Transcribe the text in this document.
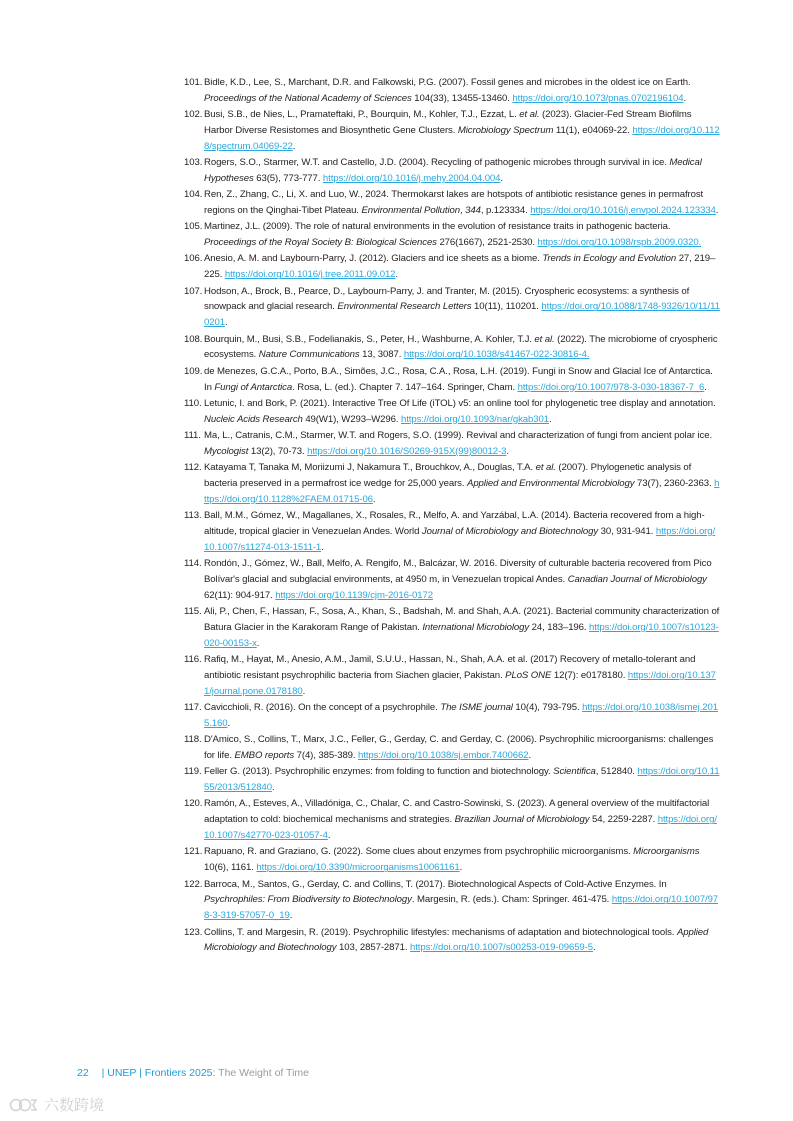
101. Bidle, K.D., Lee, S., Marchant, D.R. and Falkowski, P.G. (2007). Fossil genes and microbes in the oldest ice on Earth. Proceedings of the National Academy of Sciences 104(33), 13455-13460. https://doi.org/10.1073/pnas.0702196104.
102. Busi, S.B., de Nies, L., Pramateftaki, P., Bourquin, M., Kohler, T.J., Ezzat, L. et al. (2023). Glacier-Fed Stream Biofilms Harbor Diverse Resistomes and Biosynthetic Gene Clusters. Microbiology Spectrum 11(1), e04069-22. https://doi.org/10.1128/spectrum.04069-22.
103. Rogers, S.O., Starmer, W.T. and Castello, J.D. (2004). Recycling of pathogenic microbes through survival in ice. Medical Hypotheses 63(5), 773-777. https://doi.org/10.1016/j.mehy.2004.04.004.
104. Ren, Z., Zhang, C., Li, X. and Luo, W., 2024. Thermokarst lakes are hotspots of antibiotic resistance genes in permafrost regions on the Qinghai-Tibet Plateau. Environmental Pollution, 344, p.123334. https://doi.org/10.1016/j.envpol.2024.123334.
105. Martinez, J.L. (2009). The role of natural environments in the evolution of resistance traits in pathogenic bacteria. Proceedings of the Royal Society B: Biological Sciences 276(1667), 2521-2530. https://doi.org/10.1098/rspb.2009.0320.
106. Anesio, A. M. and Laybourn-Parry, J. (2012). Glaciers and ice sheets as a biome. Trends in Ecology and Evolution 27, 219–225. https://doi.org/10.1016/j.tree.2011.09.012.
107. Hodson, A., Brock, B., Pearce, D., Laybourn-Parry, J. and Tranter, M. (2015). Cryospheric ecosystems: a synthesis of snowpack and glacial research. Environmental Research Letters 10(11), 110201. https://doi.org/10.1088/1748-9326/10/11/110201.
108. Bourquin, M., Busi, S.B., Fodelianakis, S., Peter, H., Washburne, A. Kohler, T.J. et al. (2022). The microbiome of cryospheric ecosystems. Nature Communications 13, 3087. https://doi.org/10.1038/s41467-022-30816-4.
109. de Menezes, G.C.A., Porto, B.A., Simões, J.C., Rosa, C.A., Rosa, L.H. (2019). Fungi in Snow and Glacial Ice of Antarctica. In Fungi of Antarctica. Rosa, L. (ed.). Chapter 7. 147–164. Springer, Cham. https://doi.org/10.1007/978-3-030-18367-7_6.
110. Letunic, I. and Bork, P. (2021). Interactive Tree Of Life (iTOL) v5: an online tool for phylogenetic tree display and annotation. Nucleic Acids Research 49(W1), W293–W296. https://doi.org/10.1093/nar/gkab301.
111. Ma, L., Catranis, C.M., Starmer, W.T. and Rogers, S.O. (1999). Revival and characterization of fungi from ancient polar ice. Mycologist 13(2), 70-73. https://doi.org/10.1016/S0269-915X(99)80012-3.
112. Katayama T, Tanaka M, Moriizumi J, Nakamura T., Brouchkov, A., Douglas, T.A. et al. (2007). Phylogenetic analysis of bacteria preserved in a permafrost ice wedge for 25,000 years. Applied and Environmental Microbiology 73(7), 2360-2363. https://doi.org/10.1128%2FAEM.01715-06.
113. Ball, M.M., Gómez, W., Magallanes, X., Rosales, R., Melfo, A. and Yarzábal, L.A. (2014). Bacteria recovered from a high-altitude, tropical glacier in Venezuelan Andes. World Journal of Microbiology and Biotechnology 30, 931-941. https://doi.org/10.1007/s11274-013-1511-1.
114. Rondón, J., Gómez, W., Ball, Melfo, A. Rengifo, M., Balcázar, W. 2016. Diversity of culturable bacteria recovered from Pico Bolívar's glacial and subglacial environments, at 4950 m, in Venezuelan tropical Andes. Canadian Journal of Microbiology 62(11): 904-917. https://doi.org/10.1139/cjm-2016-0172
115. Ali, P., Chen, F., Hassan, F., Sosa, A., Khan, S., Badshah, M. and Shah, A.A. (2021). Bacterial community characterization of Batura Glacier in the Karakoram Range of Pakistan. International Microbiology 24, 183–196. https://doi.org/10.1007/s10123-020-00153-x.
116. Rafiq, M., Hayat, M., Anesio, A.M., Jamil, S.U.U., Hassan, N., Shah, A.A. et al. (2017) Recovery of metallo-tolerant and antibiotic resistant psychrophilic bacteria from Siachen glacier, Pakistan. PLoS ONE 12(7): e0178180. https://doi.org/10.1371/journal.pone.0178180.
117. Cavicchioli, R. (2016). On the concept of a psychrophile. The ISME journal 10(4), 793-795. https://doi.org/10.1038/ismej.2015.160.
118. D'Amico, S., Collins, T., Marx, J.C., Feller, G., Gerday, C. and Gerday, C. (2006). Psychrophilic microorganisms: challenges for life. EMBO reports 7(4), 385-389. https://doi.org/10.1038/sj.embor.7400662.
119. Feller G. (2013). Psychrophilic enzymes: from folding to function and biotechnology. Scientifica, 512840. https://doi.org/10.1155/2013/512840.
120. Ramón, A., Esteves, A., Villadóniga, C., Chalar, C. and Castro-Sowinski, S. (2023). A general overview of the multifactorial adaptation to cold: biochemical mechanisms and strategies. Brazilian Journal of Microbiology 54, 2259-2287. https://doi.org/10.1007/s42770-023-01057-4.
121. Rapuano, R. and Graziano, G. (2022). Some clues about enzymes from psychrophilic microorganisms. Microorganisms 10(6), 1161. https://doi.org/10.3390/microorganisms10061161.
122. Barroca, M., Santos, G., Gerday, C. and Collins, T. (2017). Biotechnological Aspects of Cold-Active Enzymes. In Psychrophiles: From Biodiversity to Biotechnology. Margesin, R. (eds.). Cham: Springer. 461-475. https://doi.org/10.1007/978-3-319-57057-0_19.
123. Collins, T. and Margesin, R. (2019). Psychrophilic lifestyles: mechanisms of adaptation and biotechnological tools. Applied Microbiology and Biotechnology 103, 2857-2871. https://doi.org/10.1007/s00253-019-09659-5.
22 | UNEP | Frontiers 2025: The Weight of Time
六数跨境
